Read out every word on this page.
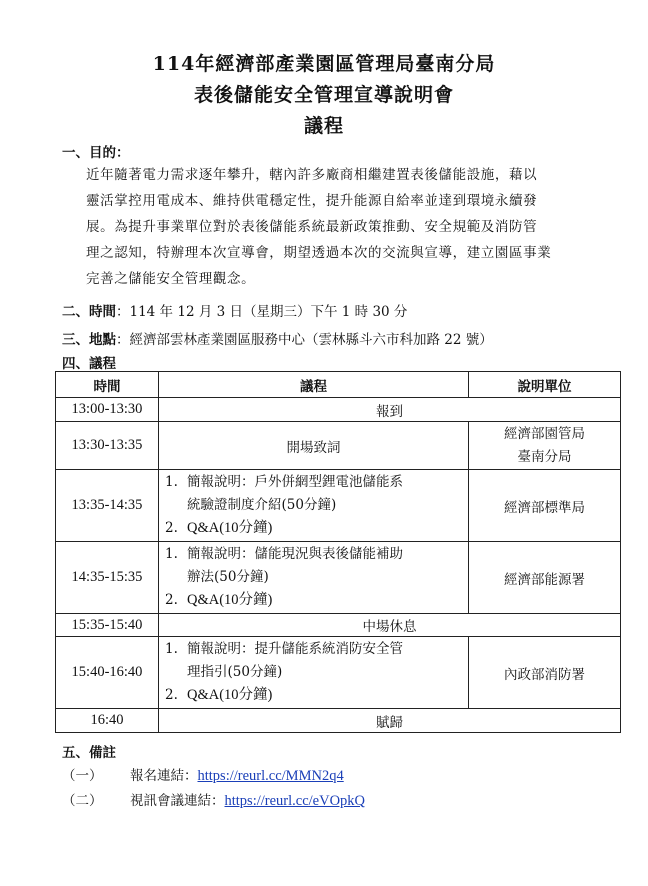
114年經濟部產業園區管理局臺南分局
表後儲能安全管理宣導說明會
議程
一、目的：
近年隨著電力需求逐年攀升，轄內許多廠商相繼建置表後儲能設施，藉以
靈活掌控用電成本、維持供電穩定性，提升能源自給率並達到環境永續發
展。為提升事業單位對於表後儲能系統最新政策推動、安全規範及消防管
理之認知，特辦理本次宣導會，期望透過本次的交流與宣導，建立園區事業
完善之儲能安全管理觀念。
二、時間：114 年 12 月 3 日（星期三）下午 1 時 30 分
三、地點：經濟部雲林產業園區服務中心（雲林縣斗六市科加路 22 號）
四、議程
時間	議程	說明單位
13:00-13:30	報到	
13:30-13:35	開場致詞	經濟部園管局
臺南分局

13:35-14:35	1. 簡報說明：戶外併網型鋰電池儲能系
統驗證制度介紹(50分鐘)
2. Q&A(10分鐘)	經濟部標準局
14:35-15:35	1. 簡報說明：儲能現況與表後儲能補助
辦法(50分鐘)
2. Q&A(10分鐘)	經濟部能源署
15:35-15:40	中場休息	
15:40-16:40	1. 簡報說明：提升儲能系統消防安全管
理指引(50分鐘)
2. Q&A(10分鐘)	內政部消防署
16:40	賦歸	
五、備註
（一） 報名連結：https://reurl.cc/MMN2q4
（二） 視訊會議連結：https://reurl.cc/eVOpkQ
